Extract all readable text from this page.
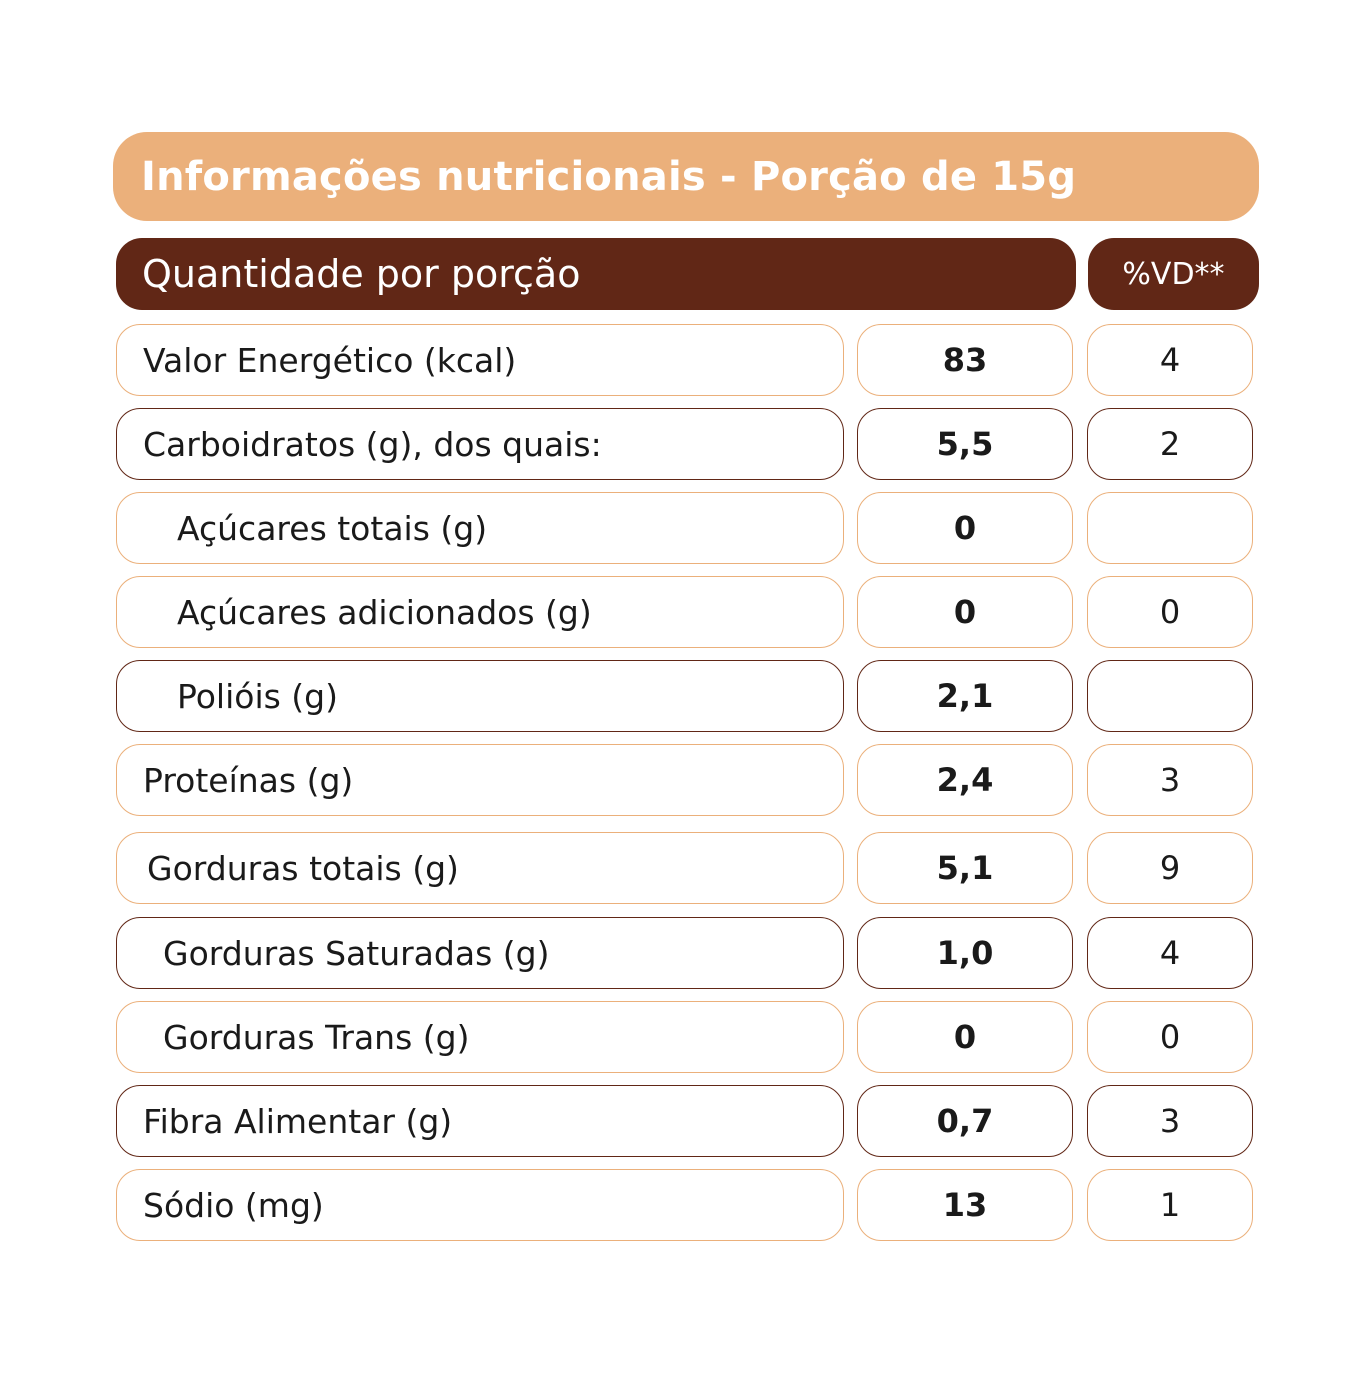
Informações nutricionais - Porção de 15g
Quantidade por porção	%VD**
Valor Energético (kcal)	83	4
Carboidratos (g), dos quais:	5,5	2
Açúcares totais (g)	0
Açúcares adicionados (g)	0	0
Polióis (g)	2,1
Proteínas (g)	2,4	3
Gorduras totais (g)	5,1	9
Gorduras Saturadas (g)	1,0	4
Gorduras Trans (g)	0	0
Fibra Alimentar (g)	0,7	3
Sódio (mg)	13	1
